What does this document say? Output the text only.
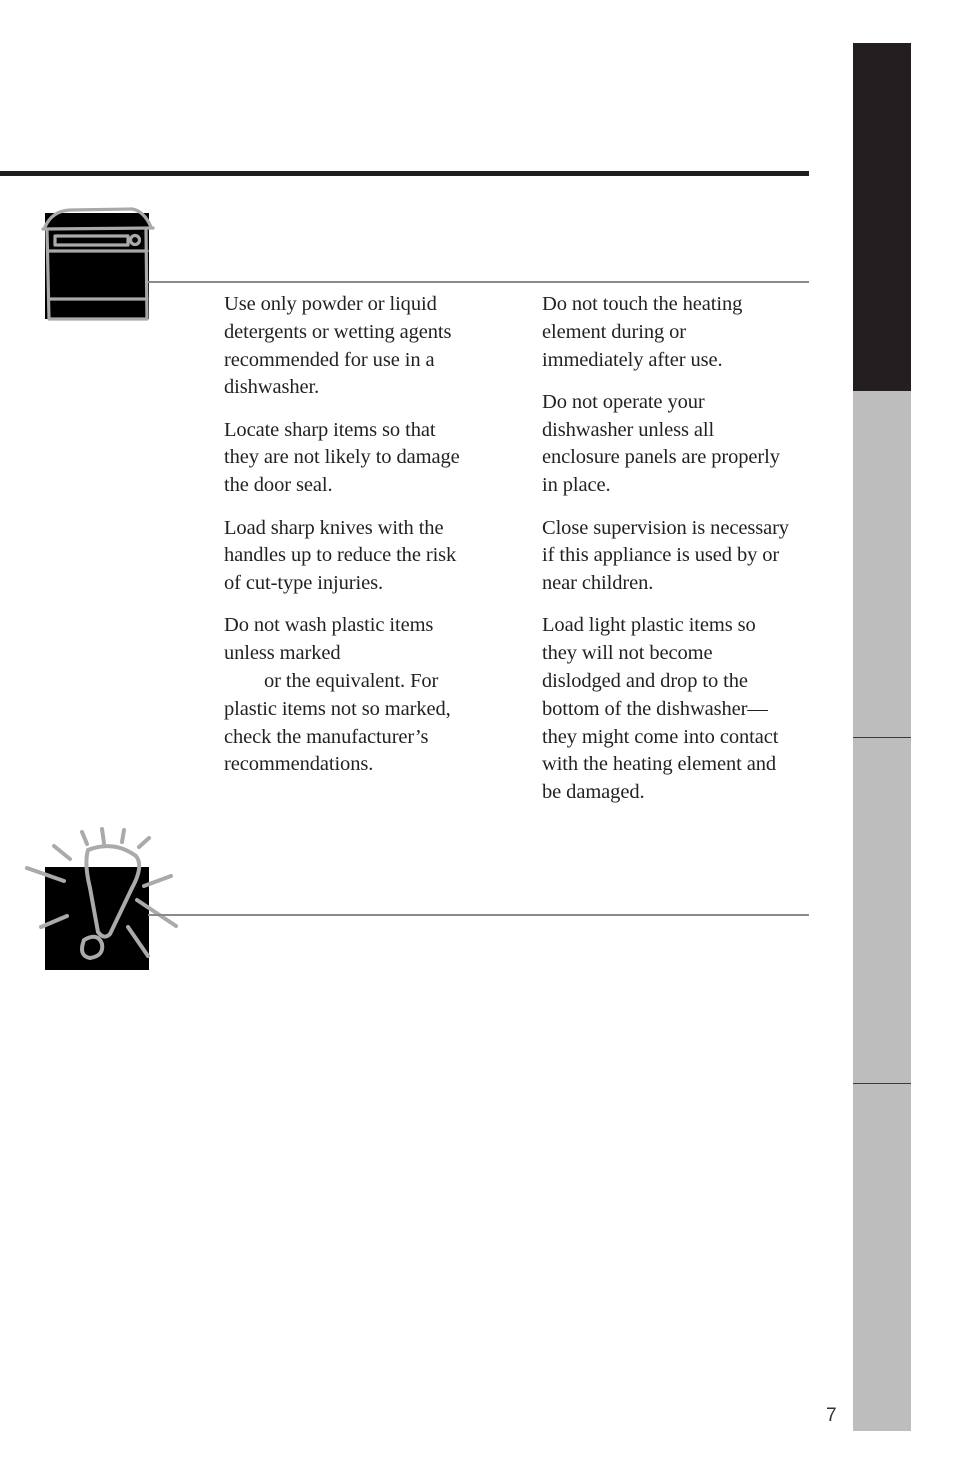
Use only powder or liquid
detergents or wetting agents
recommended for use in a
dishwasher.

Locate sharp items so that
they are not likely to damage
the door seal.

Load sharp knives with the
handles up to reduce the risk
of cut-type injuries.

Do not wash plastic items
unless marked
or the equivalent. For
plastic items not so marked,
check the manufacturer’s
recommendations.

Do not touch the heating
element during or
immediately after use.

Do not operate your
dishwasher unless all
enclosure panels are properly
in place.

Close supervision is necessary
if this appliance is used by or
near children.

Load light plastic items so
they will not become
dislodged and drop to the
bottom of the dishwasher—
they might come into contact
with the heating element and
be damaged.

7
